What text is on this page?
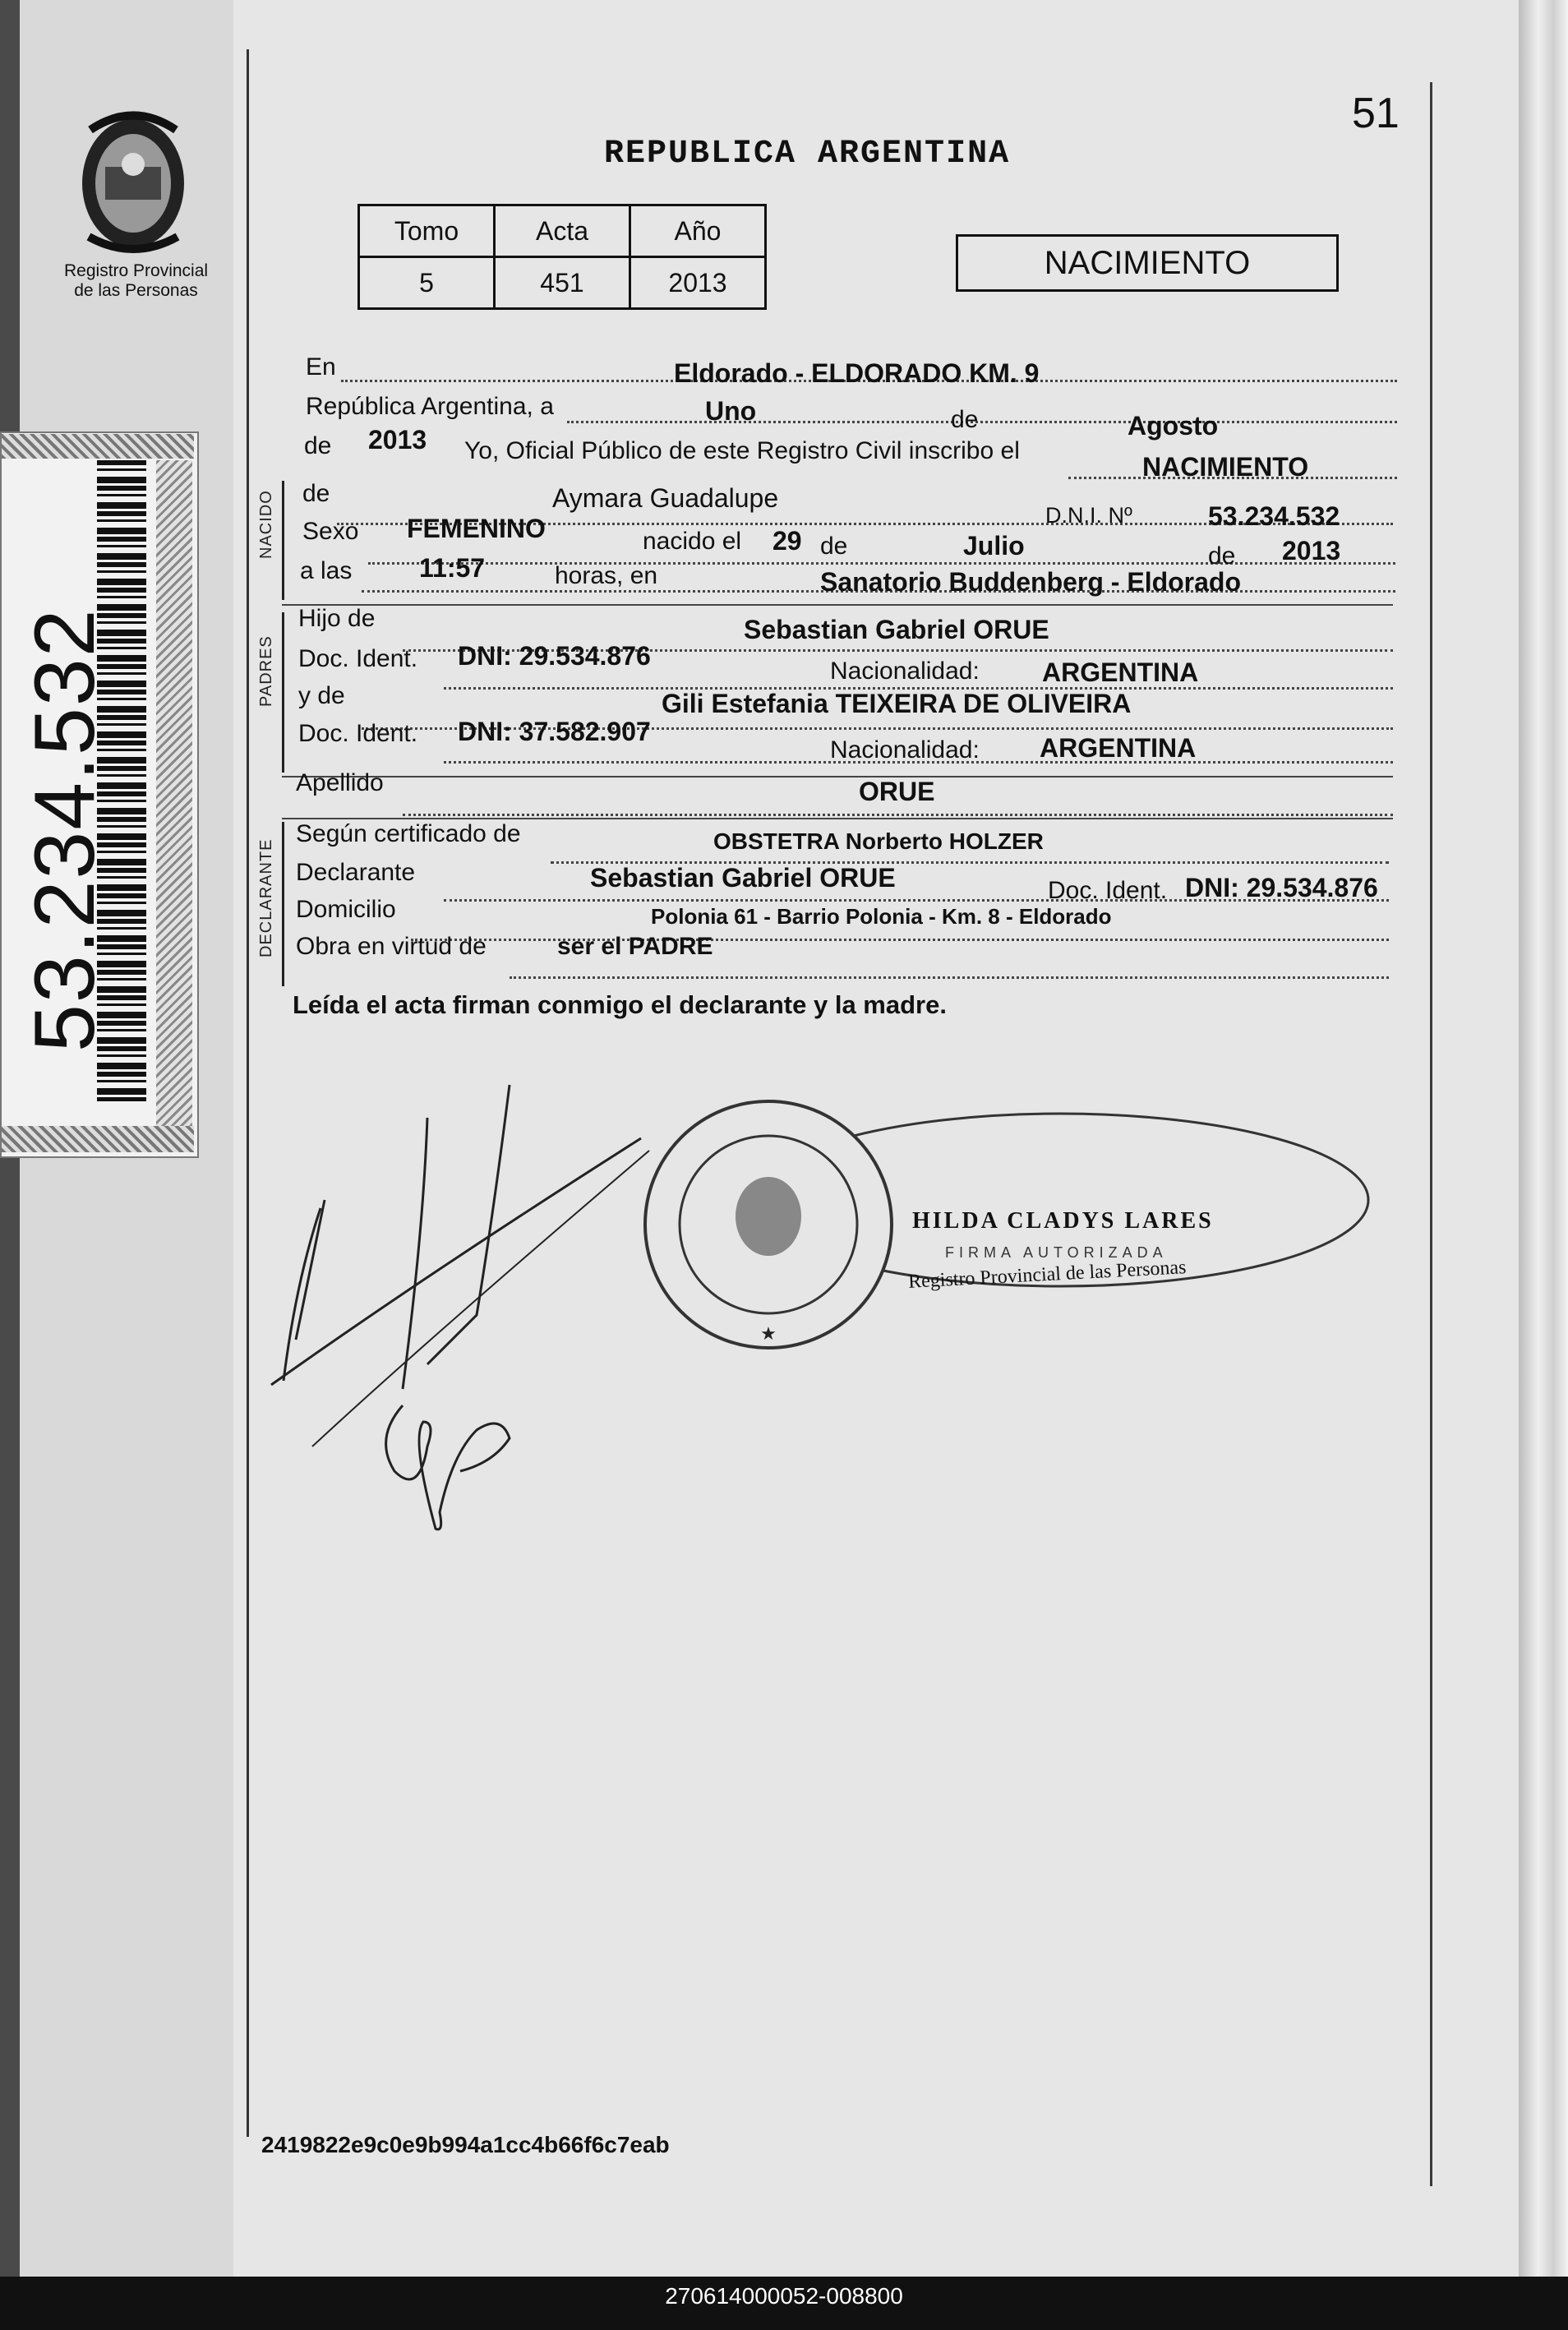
Registro Provincial
de las Personas
53.234.532
51
REPUBLICA ARGENTINA
Tomo	Acta	Año
5	451	2013
NACIMIENTO
En	Eldorado - ELDORADO KM. 9
República Argentina, a	Uno	de	Agosto
de 2013 Yo, Oficial Público de este Registro Civil inscribo el
NACIMIENTO
NACIDO de	Aymara Guadalupe
D.N.I. Nº	53.234.532
Sexo FEMENINO	nacido el 29 de	Julio	de 2013
a las	11:57	horas, en	Sanatorio Buddenberg - Eldorado
PADRES
Hijo de	Sebastian Gabriel ORUE
Doc. Ident. DNI: 29.534.876
Nacionalidad: ARGENTINA
y de	Gili Estefania TEIXEIRA DE OLIVEIRA
Doc. Ident. DNI: 37.582.907
Nacionalidad: ARGENTINA
Apellido	ORUE
DECLARANTE
Según certificado de	OBSTETRA Norberto HOLZER
Declarante	Sebastian Gabriel ORUE	Doc. Ident. DNI: 29.534.876
Domicilio	Polonia 61 - Barrio Polonia - Km. 8 - Eldorado
Obra en virtud de	ser el PADRE
Leída el acta firman conmigo el declarante y la madre.
★
HILDA CLADYS LARES
FIRMA AUTORIZADA
Registro Provincial de las Personas
2419822e9c0e9b994a1cc4b66f6c7eab
270614000052-008800
